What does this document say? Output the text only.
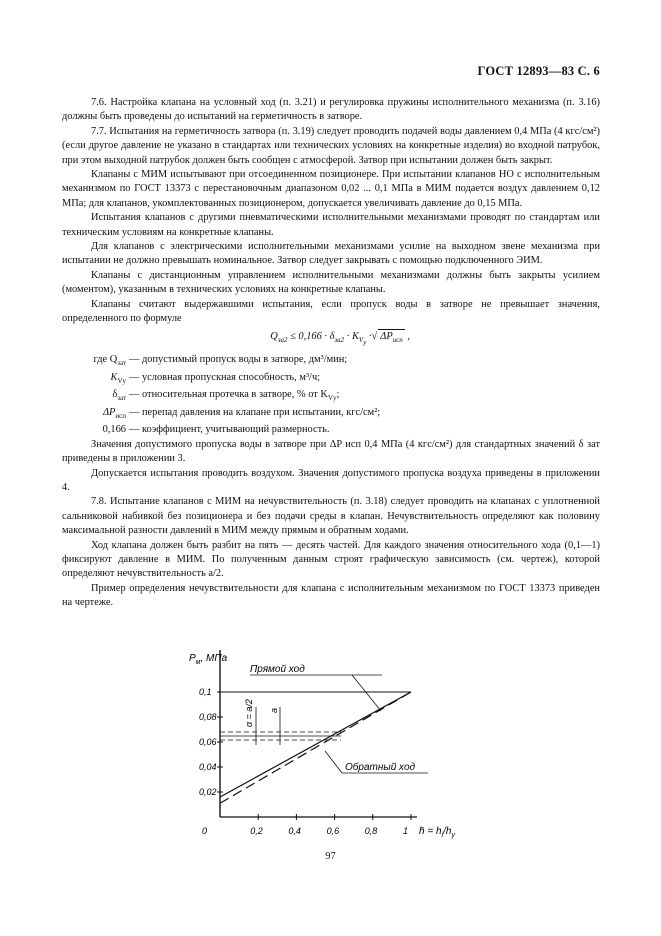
ГОСТ 12893—83 С. 6

7.6. Настройка клапана на условный ход (п. 3.21) и регулировка пружины исполнительного механизма (п. 3.16) должны быть проведены до испытаний на герметичность в затворе.

7.7. Испытания на герметичность затвора (п. 3.19) следует проводить подачей воды давлением 0,4 МПа (4 кгс/см²) (если другое давление не указано в стандартах или технических условиях на конкретные изделия) во входной патрубок, при этом выходной патрубок должен быть сообщен с атмосферой. Затвор при испытании должен быть закрыт.

Клапаны с МИМ испытывают при отсоединенном позиционере. При испытании клапанов НО с исполнительным механизмом по ГОСТ 13373 с перестановочным диапазоном 0,02 ... 0,1 МПа в МИМ подается воздух давлением 0,12 МПа; для клапанов, укомплектованных позиционером, допускается увеличивать давление до 0,15 МПа.

Испытания клапанов с другими пневматическими исполнительными механизмами проводят по стандартам или техническим условиям на конкретные клапаны.

Для клапанов с электрическими исполнительными механизмами усилие на выходном звене механизма при испытании не должно превышать номинальное. Затвор следует закрывать с помощью подключенного ЭИМ.

Клапаны с дистанционным управлением исполнительными механизмами должны быть закрыты усилием (моментом), указанным в технических условиях на конкретные клапаны.

Клапаны считают выдержавшими испытания, если пропуск воды в затворе не превышает значения, определенного по формуле

$Q_{за2} \le 0,166 \cdot \delta_{за2} \cdot K_{V_у}$ ·√ $\Delta P_{исп}$ ,
где $Q_{зат}$ — допустимый пропуск воды в затворе, дм³/мин;
$K_{Vу}$ — условная пропускная способность, м³/ч;
$\delta_{зат}$ — относительная протечка в затворе, % от $K_{Vу}$;
$\Delta P_{исп}$ — перепад давления на клапане при испытании, кгс/см²;
0,166 — коэффициент, учитывающий размерность.

Значения допустимого пропуска воды в затворе при ΔP исп 0,4 МПа (4 кгс/см²) для стандартных значений δ зат приведены в приложении 3.

Допускается испытания проводить воздухом. Значения допустимого пропуска воздуха приведены в приложении 4.

7.8. Испытание клапанов с МИМ на нечувствительность (п. 3.18) следует проводить на клапанах с уплотненной сальниковой набивкой без позиционера и без подачи среды в клапан. Нечувствительность определяют как половину максимальной разности давлений в МИМ между прямым и обратным ходами.

Ход клапана должен быть разбит на пять — десять частей. Для каждого значения относительного хода (0,1—1) фиксируют давление в МИМ. По полученным данным строят графическую зависимость (см. чертеж), которой определяют нечувствительность a/2.

Пример определения нечувствительности для клапана с исполнительным механизмом по ГОСТ 13373 приведен на чертеже.

$P_м$, МПа
h̄ = $h_i/h_у$
0,02
0,04
0,06
0,08
0,1
0	0,2	0,4	0,6	0,8	1
Прямой ход
Обратный ход
α = a/2 a
97
